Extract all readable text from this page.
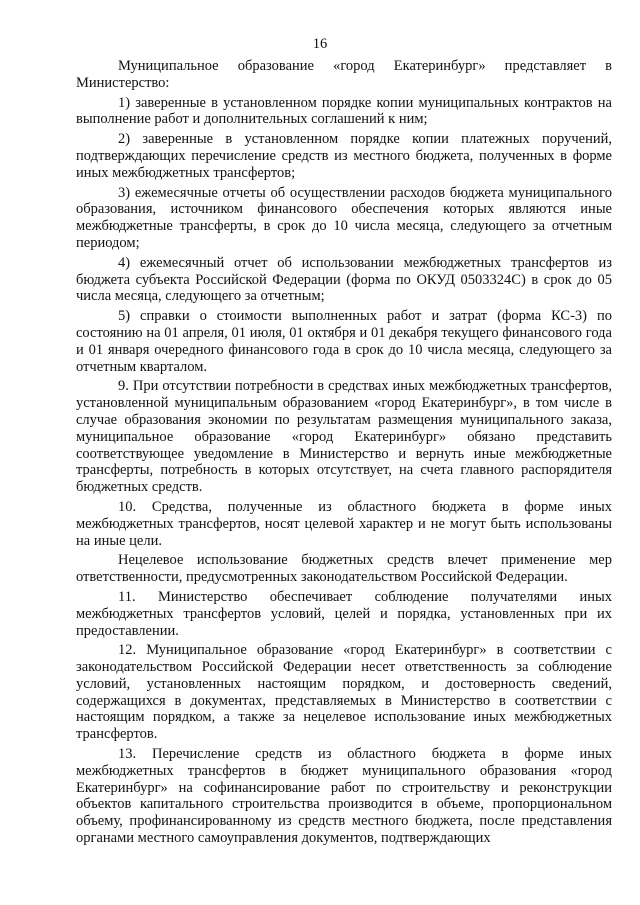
16

Муниципальное образование «город Екатеринбург» представляет в Министерство:

1) заверенные в установленном порядке копии муниципальных контрактов на выполнение работ и дополнительных соглашений к ним;

2) заверенные в установленном порядке копии платежных поручений, подтверждающих перечисление средств из местного бюджета, полученных в форме иных межбюджетных трансфертов;

3) ежемесячные отчеты об осуществлении расходов бюджета муниципального образования, источником финансового обеспечения которых являются иные межбюджетные трансферты, в срок до 10 числа месяца, следующего за отчетным периодом;

4) ежемесячный отчет об использовании межбюджетных трансфертов из бюджета субъекта Российской Федерации (форма по ОКУД 0503324С) в срок до 05 числа месяца, следующего за отчетным;

5) справки о стоимости выполненных работ и затрат (форма КС-3) по состоянию на 01 апреля, 01 июля, 01 октября и 01 декабря текущего финансового года и 01 января очередного финансового года в срок до 10 числа месяца, следующего за отчетным кварталом.

9. При отсутствии потребности в средствах иных межбюджетных трансфертов, установленной муниципальным образованием «город Екатеринбург», в том числе в случае образования экономии по результатам размещения муниципального заказа, муниципальное образование «город Екатеринбург» обязано представить соответствующее уведомление в Министерство и вернуть иные межбюджетные трансферты, потребность в которых отсутствует, на счета главного распорядителя бюджетных средств.

10. Средства, полученные из областного бюджета в форме иных межбюджетных трансфертов, носят целевой характер и не могут быть использованы на иные цели.

Нецелевое использование бюджетных средств влечет применение мер ответственности, предусмотренных законодательством Российской Федерации.

11. Министерство обеспечивает соблюдение получателями иных межбюджетных трансфертов условий, целей и порядка, установленных при их предоставлении.

12. Муниципальное образование «город Екатеринбург» в соответствии с законодательством Российской Федерации несет ответственность за соблюдение условий, установленных настоящим порядком, и достоверность сведений, содержащихся в документах, представляемых в Министерство в соответствии с настоящим порядком, а также за нецелевое использование иных межбюджетных трансфертов.

13. Перечисление средств из областного бюджета в форме иных межбюджетных трансфертов в бюджет муниципального образования «город Екатеринбург» на софинансирование работ по строительству и реконструкции объектов капитального строительства производится в объеме, пропорциональном объему, профинансированному из средств местного бюджета, после представления органами местного самоуправления документов, подтверждающих
